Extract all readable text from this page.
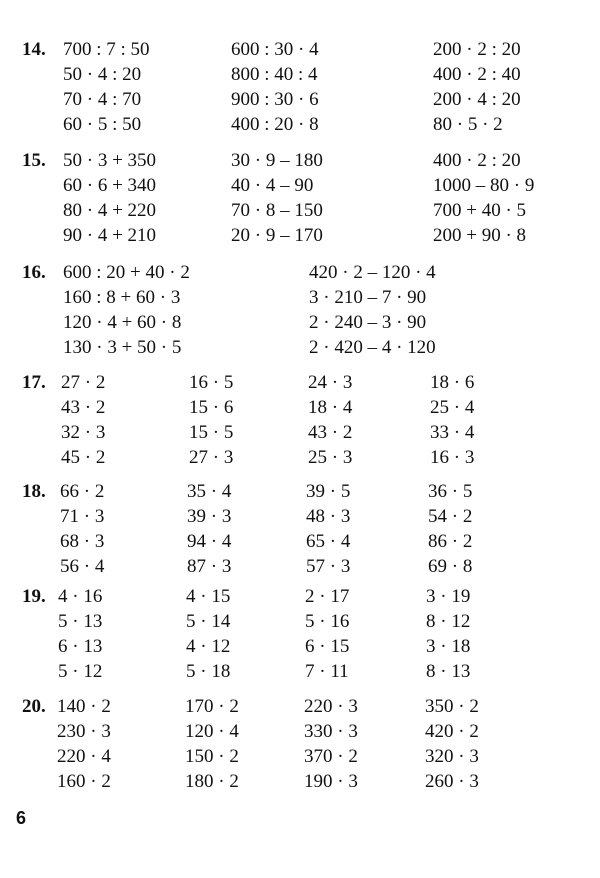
14. 700 : 7 : 50
50 · 4 : 20
70 · 4 : 70
60 · 5 : 50
600 : 30 · 4
800 : 40 : 4
900 : 30 · 6
400 : 20 · 8
200 · 2 : 20
400 · 2 : 40
200 · 4 : 20
80 · 5 · 2
15. 50 · 3 + 350
60 · 6 + 340
80 · 4 + 220
90 · 4 + 210
30 · 9 – 180
40 · 4 – 90
70 · 8 – 150
20 · 9 – 170
400 · 2 : 20
1000 – 80 · 9
700 + 40 · 5
200 + 90 · 8
16. 600 : 20 + 40 · 2
160 : 8 + 60 · 3
120 · 4 + 60 · 8
130 · 3 + 50 · 5
420 · 2 – 120 · 4
3 · 210 – 7 · 90
2 · 240 – 3 · 90
2 · 420 – 4 · 120
17. 27 · 2
43 · 2
32 · 3
45 · 2
16 · 5
15 · 6
15 · 5
27 · 3
24 · 3
18 · 4
43 · 2
25 · 3
18 · 6
25 · 4
33 · 4
16 · 3
18. 66 · 2
71 · 3
68 · 3
56 · 4
35 · 4
39 · 3
94 · 4
87 · 3
39 · 5
48 · 3
65 · 4
57 · 3
36 · 5
54 · 2
86 · 2
69 · 8
19. 4 · 16
5 · 13
6 · 13
5 · 12
4 · 15
5 · 14
4 · 12
5 · 18
2 · 17
5 · 16
6 · 15
7 · 11
3 · 19
8 · 12
3 · 18
8 · 13
20. 140 · 2
230 · 3
220 · 4
160 · 2
170 · 2
120 · 4
150 · 2
180 · 2
220 · 3
330 · 3
370 · 2
190 · 3
350 · 2
420 · 2
320 · 3
260 · 3
6
